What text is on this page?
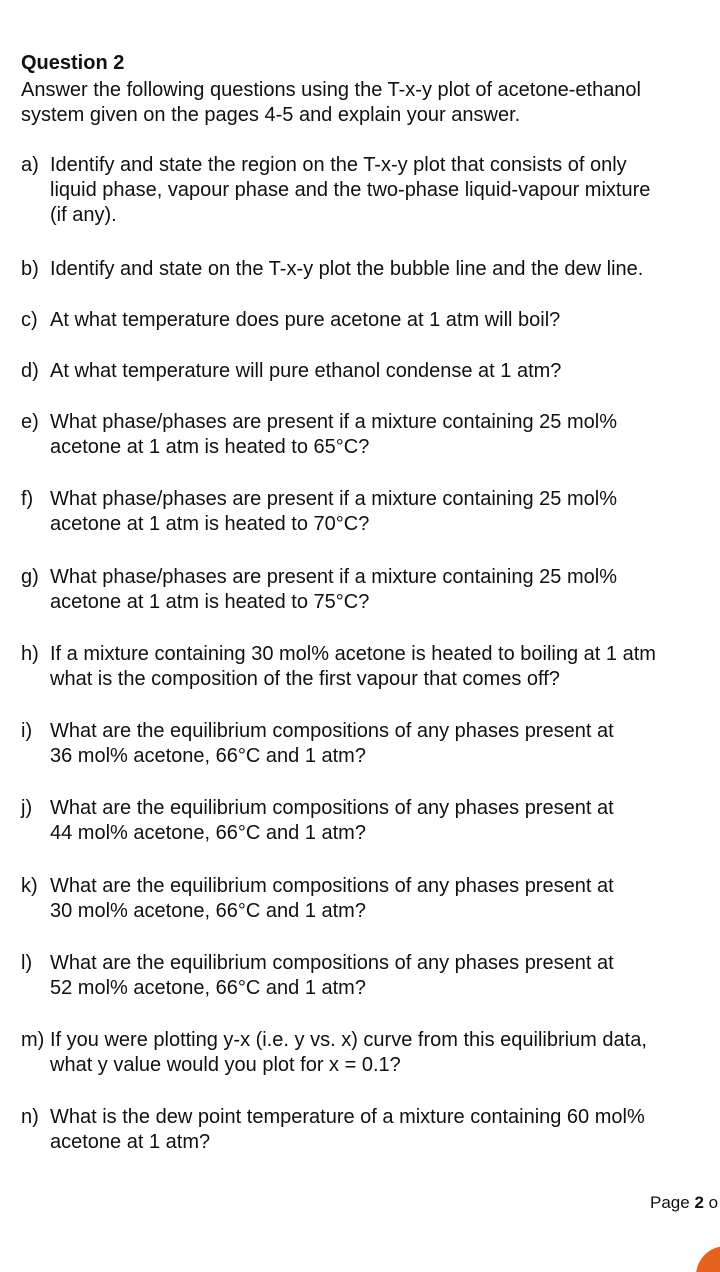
Question 2
Answer the following questions using the T-x-y plot of acetone-ethanol
system given on the pages 4-5 and explain your answer.
a) Identify and state the region on the T-x-y plot that consists of only
liquid phase, vapour phase and the two-phase liquid-vapour mixture
(if any).
b) Identify and state on the T-x-y plot the bubble line and the dew line.
c) At what temperature does pure acetone at 1 atm will boil?
d) At what temperature will pure ethanol condense at 1 atm?
e) What phase/phases are present if a mixture containing 25 mol%
acetone at 1 atm is heated to 65°C?
f) What phase/phases are present if a mixture containing 25 mol%
acetone at 1 atm is heated to 70°C?
g) What phase/phases are present if a mixture containing 25 mol%
acetone at 1 atm is heated to 75°C?
h) If a mixture containing 30 mol% acetone is heated to boiling at 1 atm
what is the composition of the first vapour that comes off?
i) What are the equilibrium compositions of any phases present at
36 mol% acetone, 66°C and 1 atm?
j) What are the equilibrium compositions of any phases present at
44 mol% acetone, 66°C and 1 atm?
k) What are the equilibrium compositions of any phases present at
30 mol% acetone, 66°C and 1 atm?
l) What are the equilibrium compositions of any phases present at
52 mol% acetone, 66°C and 1 atm?
m) If you were plotting y-x (i.e. y vs. x) curve from this equilibrium data,
what y value would you plot for x = 0.1?
n) What is the dew point temperature of a mixture containing 60 mol%
acetone at 1 atm?
Page 2 o
